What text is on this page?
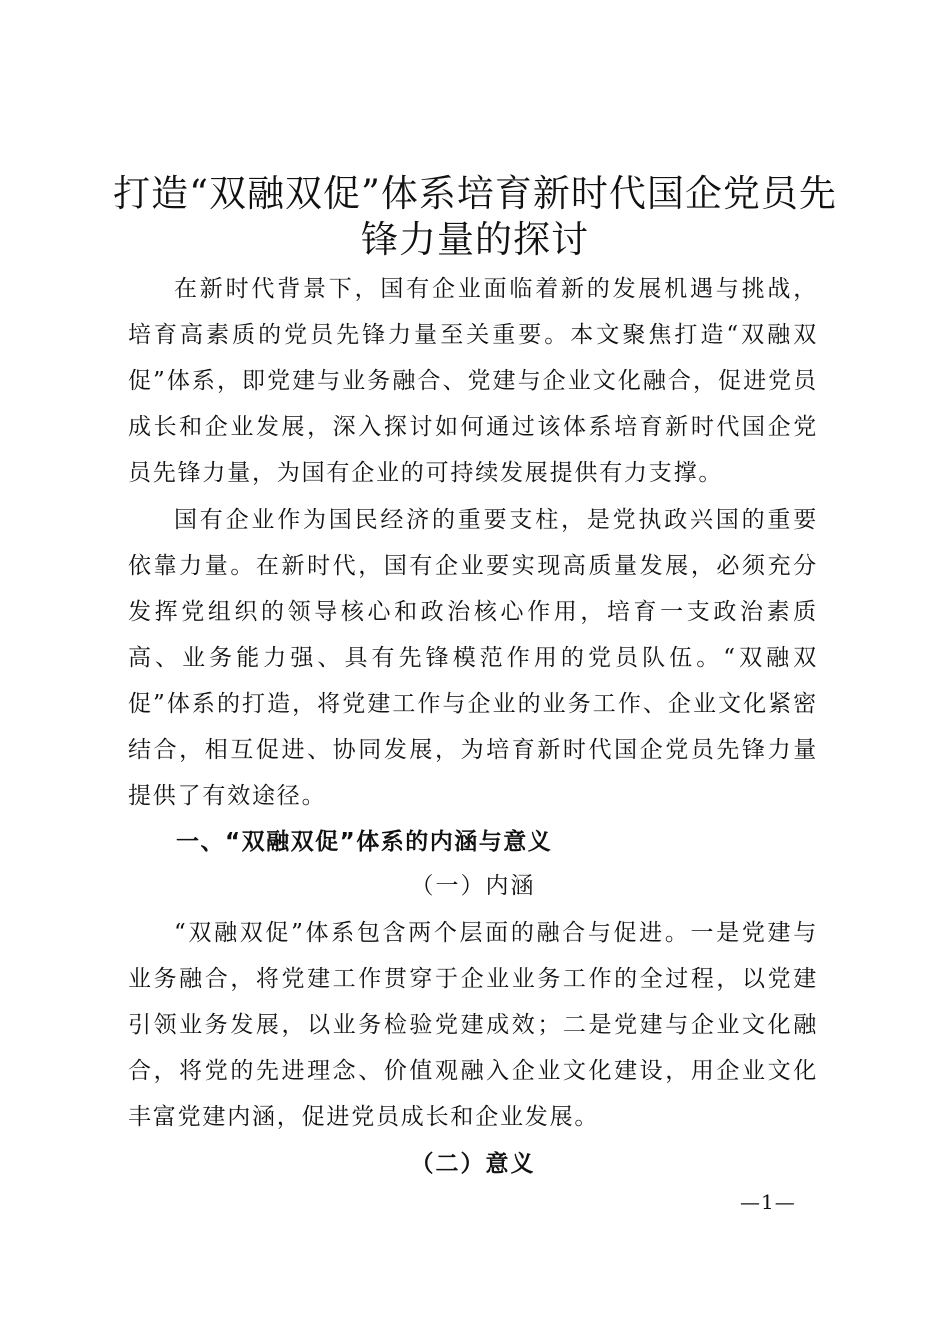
打造“双融双促”体系培育新时代国企党员先锋力量的探讨

在新时代背景下，国有企业面临着新的发展机遇与挑战，培育高素质的党员先锋力量至关重要。本文聚焦打造“双融双促”体系，即党建与业务融合、党建与企业文化融合，促进党员成长和企业发展，深入探讨如何通过该体系培育新时代国企党员先锋力量，为国有企业的可持续发展提供有力支撑。

国有企业作为国民经济的重要支柱，是党执政兴国的重要依靠力量。在新时代，国有企业要实现高质量发展，必须充分发挥党组织的领导核心和政治核心作用，培育一支政治素质高、业务能力强、具有先锋模范作用的党员队伍。“双融双促”体系的打造，将党建工作与企业的业务工作、企业文化紧密结合，相互促进、协同发展，为培育新时代国企党员先锋力量提供了有效途径。

一、“双融双促”体系的内涵与意义
（一）内涵

“双融双促”体系包含两个层面的融合与促进。一是党建与业务融合，将党建工作贯穿于企业业务工作的全过程，以党建引领业务发展，以业务检验党建成效；二是党建与企业文化融合，将党的先进理念、价值观融入企业文化建设，用企业文化丰富党建内涵，促进党员成长和企业发展。

（二）意义
—1—
